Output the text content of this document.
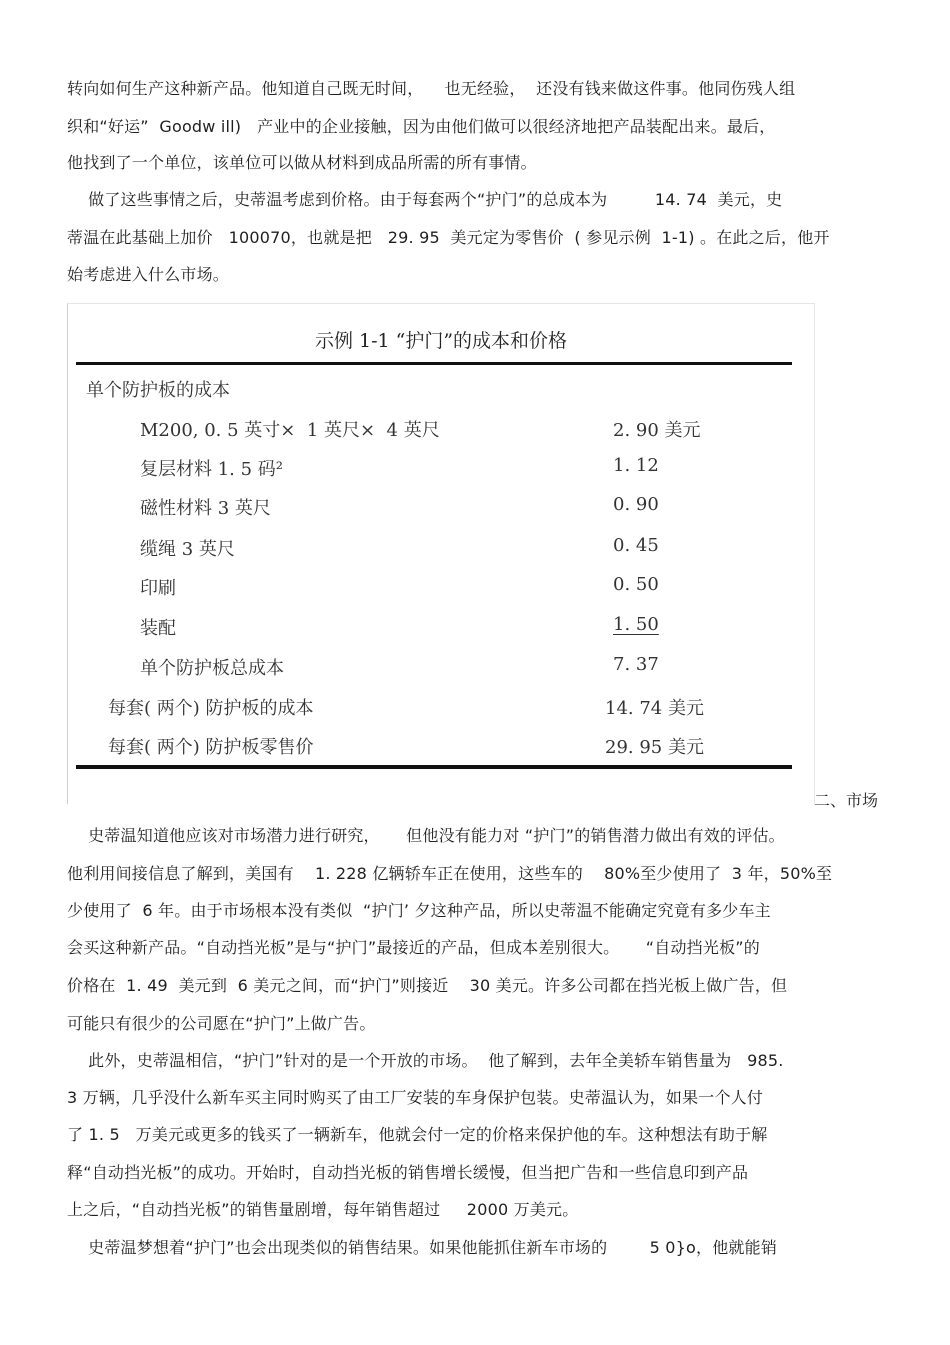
转向如何生产这种新产品。他知道自己既无时间，    也无经验，  还没有钱来做这件事。他同伤残人组
织和“好运”  Goodw ill)   产业中的企业接触，因为由他们做可以很经济地把产品装配出来。最后，
他找到了一个单位，该单位可以做从材料到成品所需的所有事情。
做了这些事情之后，史蒂温考虑到价格。由于每套两个“护门”的总成本为         14. 74  美元，史
蒂温在此基础上加价   100070，也就是把   29. 95  美元定为零售价  ( 参见示例  1-1) 。在此之后，他开
始考虑进入什么市场。
示例 1-1 “护门”的成本和价格
单个防护板的成本
M200, 0. 5 英寸×  1 英尺×  4 英尺	2. 90 美元
复层材料 1. 5 码²	1. 12
磁性材料 3 英尺	0. 90
缆绳 3 英尺	0. 45
印刷	0. 50
装配	1. 50
单个防护板总成本	7. 37
每套( 两个) 防护板的成本	14. 74 美元
每套( 两个) 防护板零售价	29. 95 美元
二、市场
史蒂温知道他应该对市场潜力进行研究，     但他没有能力对 “护门”的销售潜力做出有效的评估。
他利用间接信息了解到，美国有    1. 228 亿辆轿车正在使用，这些车的    80%至少使用了  3 年，50%至
少使用了  6 年。由于市场根本没有类似  “护门’ 夕这种产品，所以史蒂温不能确定究竟有多少车主
会买这种新产品。“自动挡光板”是与“护门”最接近的产品，但成本差别很大。     “自动挡光板”的
价格在  1. 49  美元到  6 美元之间，而“护门”则接近    30 美元。许多公司都在挡光板上做广告，但
可能只有很少的公司愿在“护门”上做广告。
此外，史蒂温相信，“护门”针对的是一个开放的市场。  他了解到，去年全美轿车销售量为   985.
3 万辆，几乎没什么新车买主同时购买了由工厂安装的车身保护包装。史蒂温认为，如果一个人付
了 1. 5   万美元或更多的钱买了一辆新车，他就会付一定的价格来保护他的车。这种想法有助于解
释“自动挡光板”的成功。开始时，自动挡光板的销售增长缓慢，但当把广告和一些信息印到产品
上之后，“自动挡光板”的销售量剧增，每年销售超过     2000 万美元。
史蒂温梦想着“护门”也会出现类似的销售结果。如果他能抓住新车市场的        5 0}o，他就能销
